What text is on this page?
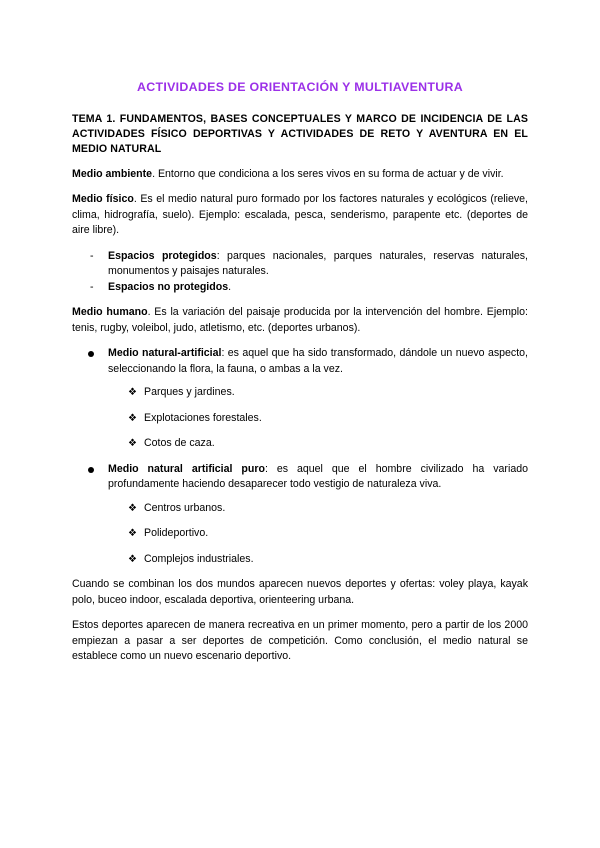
ACTIVIDADES DE ORIENTACIÓN Y MULTIAVENTURA
TEMA 1. FUNDAMENTOS, BASES CONCEPTUALES Y MARCO DE INCIDENCIA DE LAS ACTIVIDADES FÍSICO DEPORTIVAS Y ACTIVIDADES DE RETO Y AVENTURA EN EL MEDIO NATURAL

Medio ambiente. Entorno que condiciona a los seres vivos en su forma de actuar y de vivir.

Medio físico. Es el medio natural puro formado por los factores naturales y ecológicos (relieve, clima, hidrografía, suelo). Ejemplo: escalada, pesca, senderismo, parapente etc. (deportes de aire libre).

- Espacios protegidos: parques nacionales, parques naturales, reservas naturales, monumentos y paisajes naturales.
- Espacios no protegidos.

Medio humano. Es la variación del paisaje producida por la intervención del hombre. Ejemplo: tenis, rugby, voleibol, judo, atletismo, etc. (deportes urbanos).

Medio natural-artificial: es aquel que ha sido transformado, dándole un nuevo aspecto, seleccionando la flora, la fauna, o ambas a la vez.
❖ Parques y jardines.
❖ Explotaciones forestales.
❖ Cotos de caza.
Medio natural artificial puro: es aquel que el hombre civilizado ha variado profundamente haciendo desaparecer todo vestigio de naturaleza viva.
❖ Centros urbanos.
❖ Polideportivo.
❖ Complejos industriales.

Cuando se combinan los dos mundos aparecen nuevos deportes y ofertas: voley playa, kayak polo, buceo indoor, escalada deportiva, orienteering urbana.

Estos deportes aparecen de manera recreativa en un primer momento, pero a partir de los 2000 empiezan a pasar a ser deportes de competición. Como conclusión, el medio natural se establece como un nuevo escenario deportivo.
